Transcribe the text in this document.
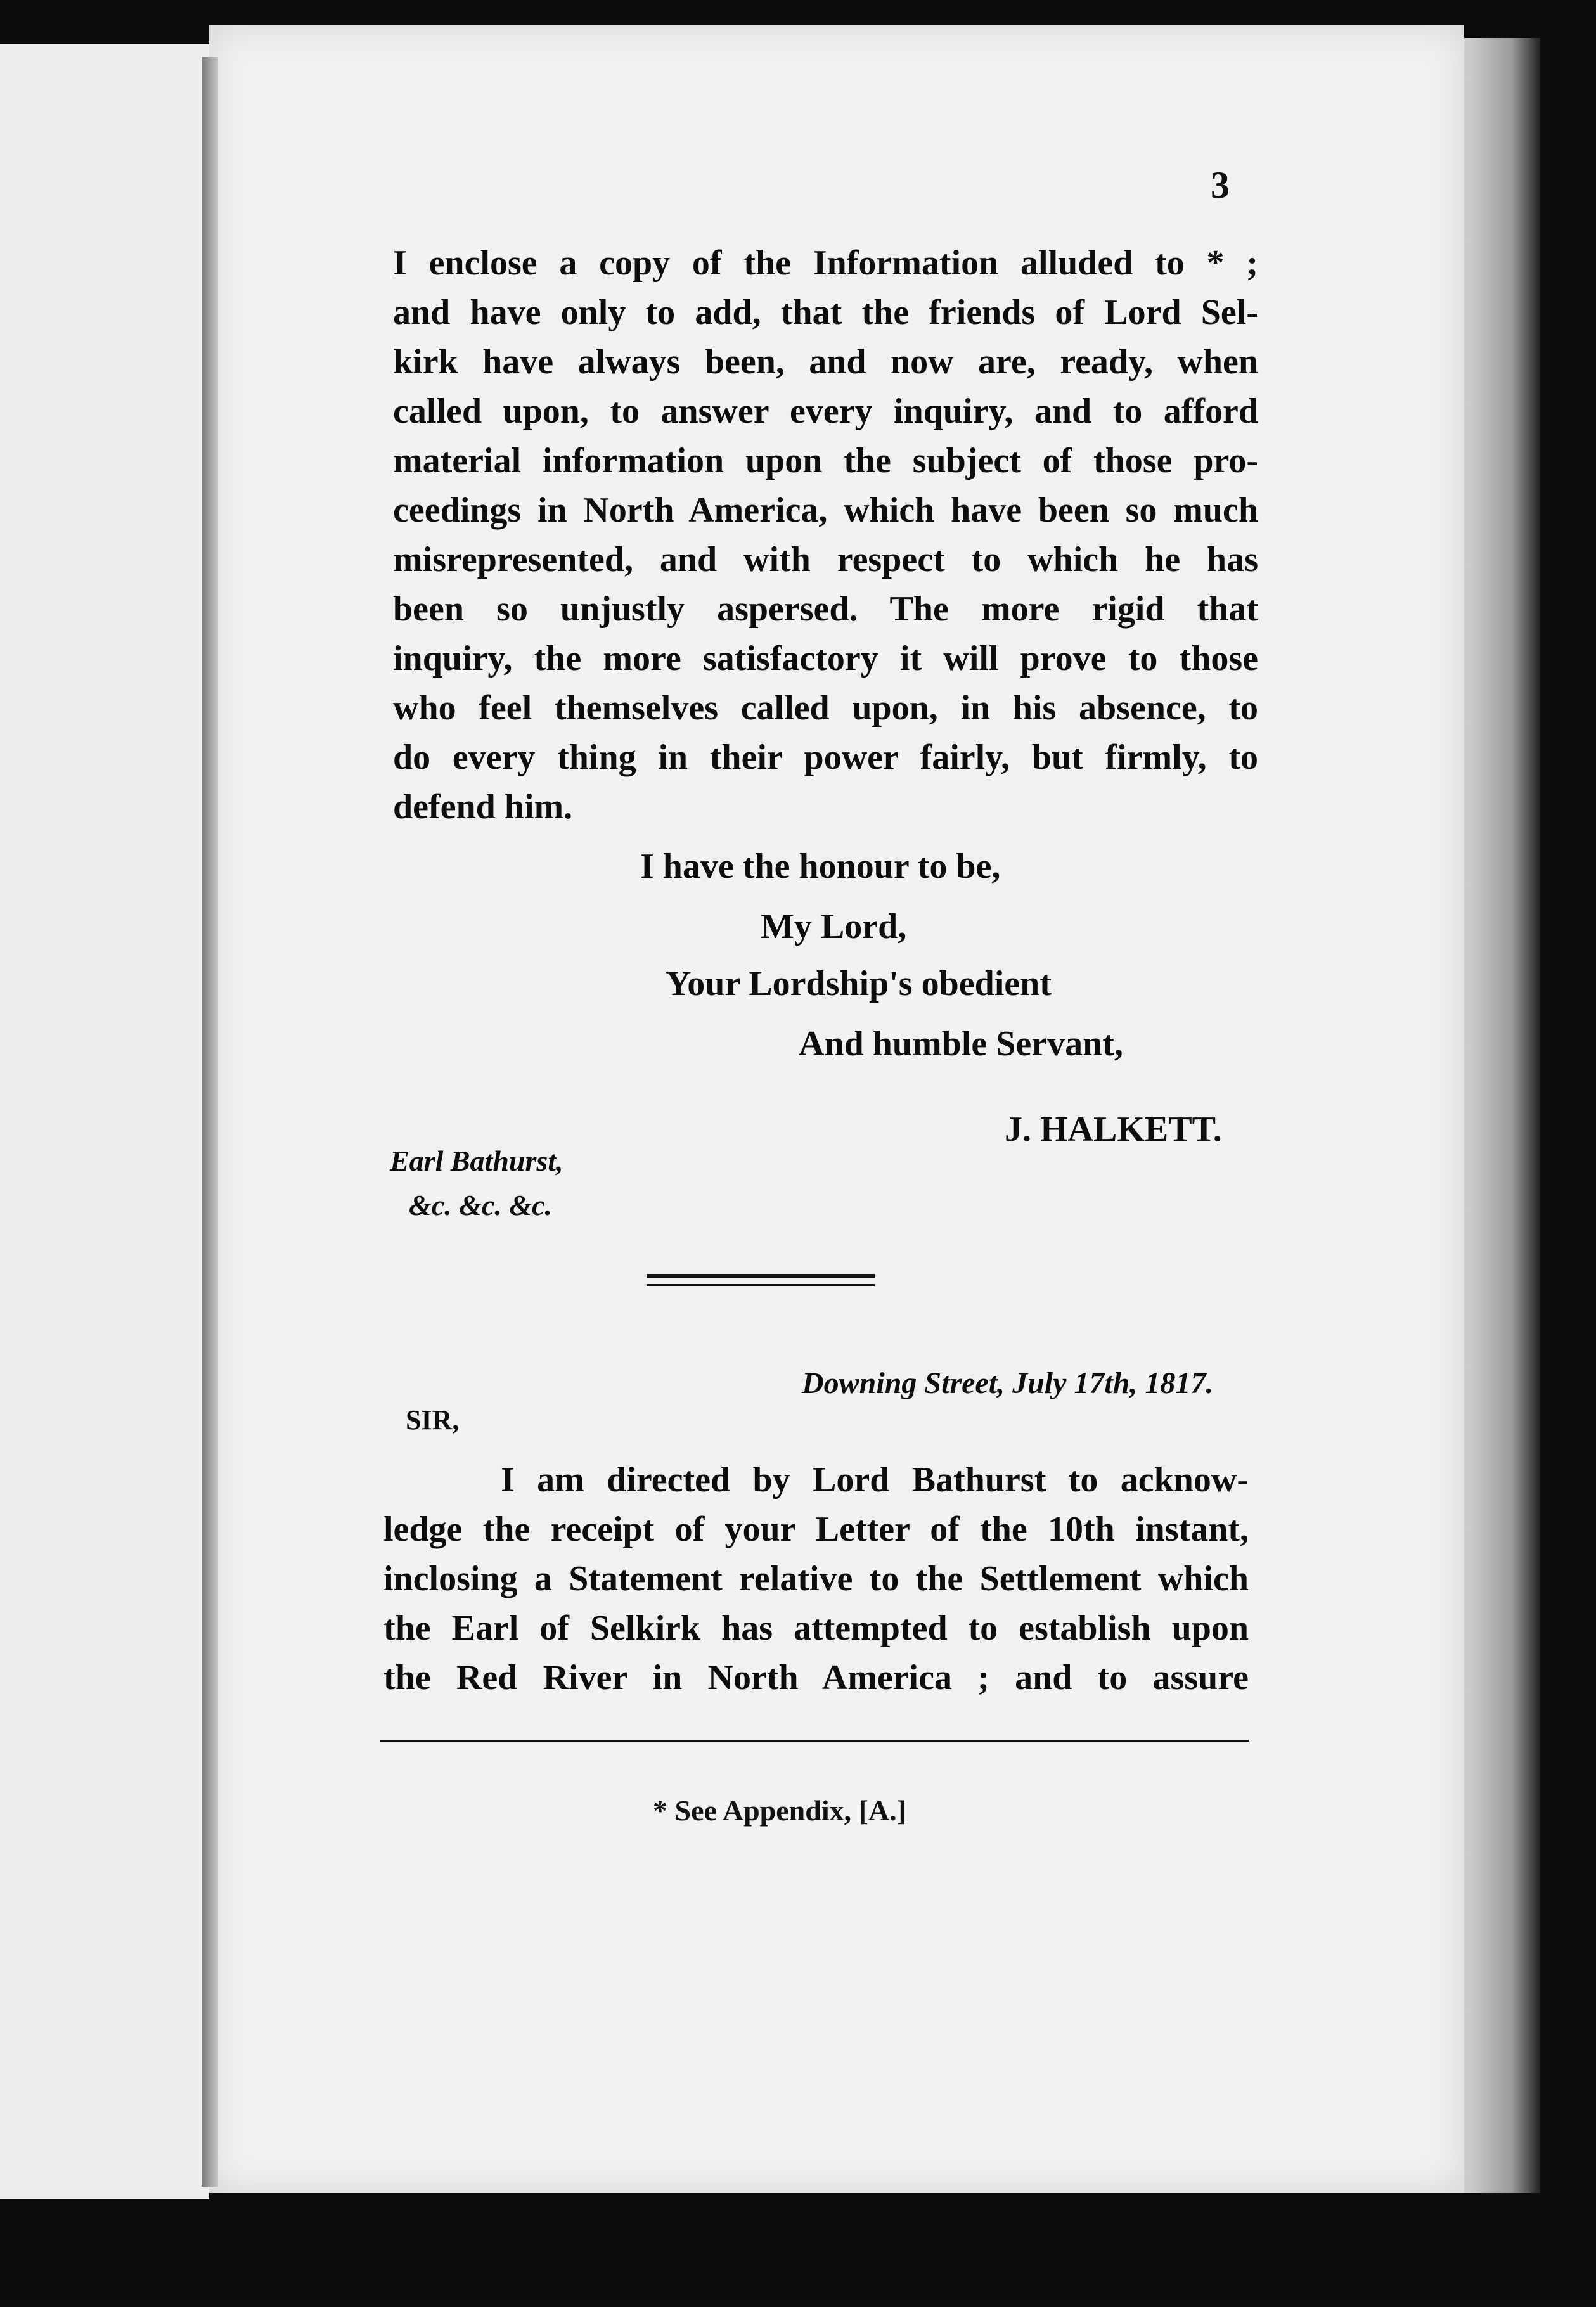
3
I enclose a copy of the Information alluded to * ;
and have only to add, that the friends of Lord Sel-
kirk have always been, and now are, ready, when
called upon, to answer every inquiry, and to afford
material information upon the subject of those pro-
ceedings in North America, which have been so much
misrepresented, and with respect to which he has
been so unjustly aspersed. The more rigid that
inquiry, the more satisfactory it will prove to those
who feel themselves called upon, in his absence, to
do every thing in their power fairly, but firmly, to
defend him.
I have the honour to be,
My Lord,
Your Lordship's obedient
And humble Servant,
J. HALKETT.
Earl Bathurst,
&c. &c. &c.
Downing Street, July 17th, 1817.
SIR,
I am directed by Lord Bathurst to acknow-
ledge the receipt of your Letter of the 10th instant,
inclosing a Statement relative to the Settlement which
the Earl of Selkirk has attempted to establish upon
the Red River in North America ; and to assure
* See Appendix, [A.]
